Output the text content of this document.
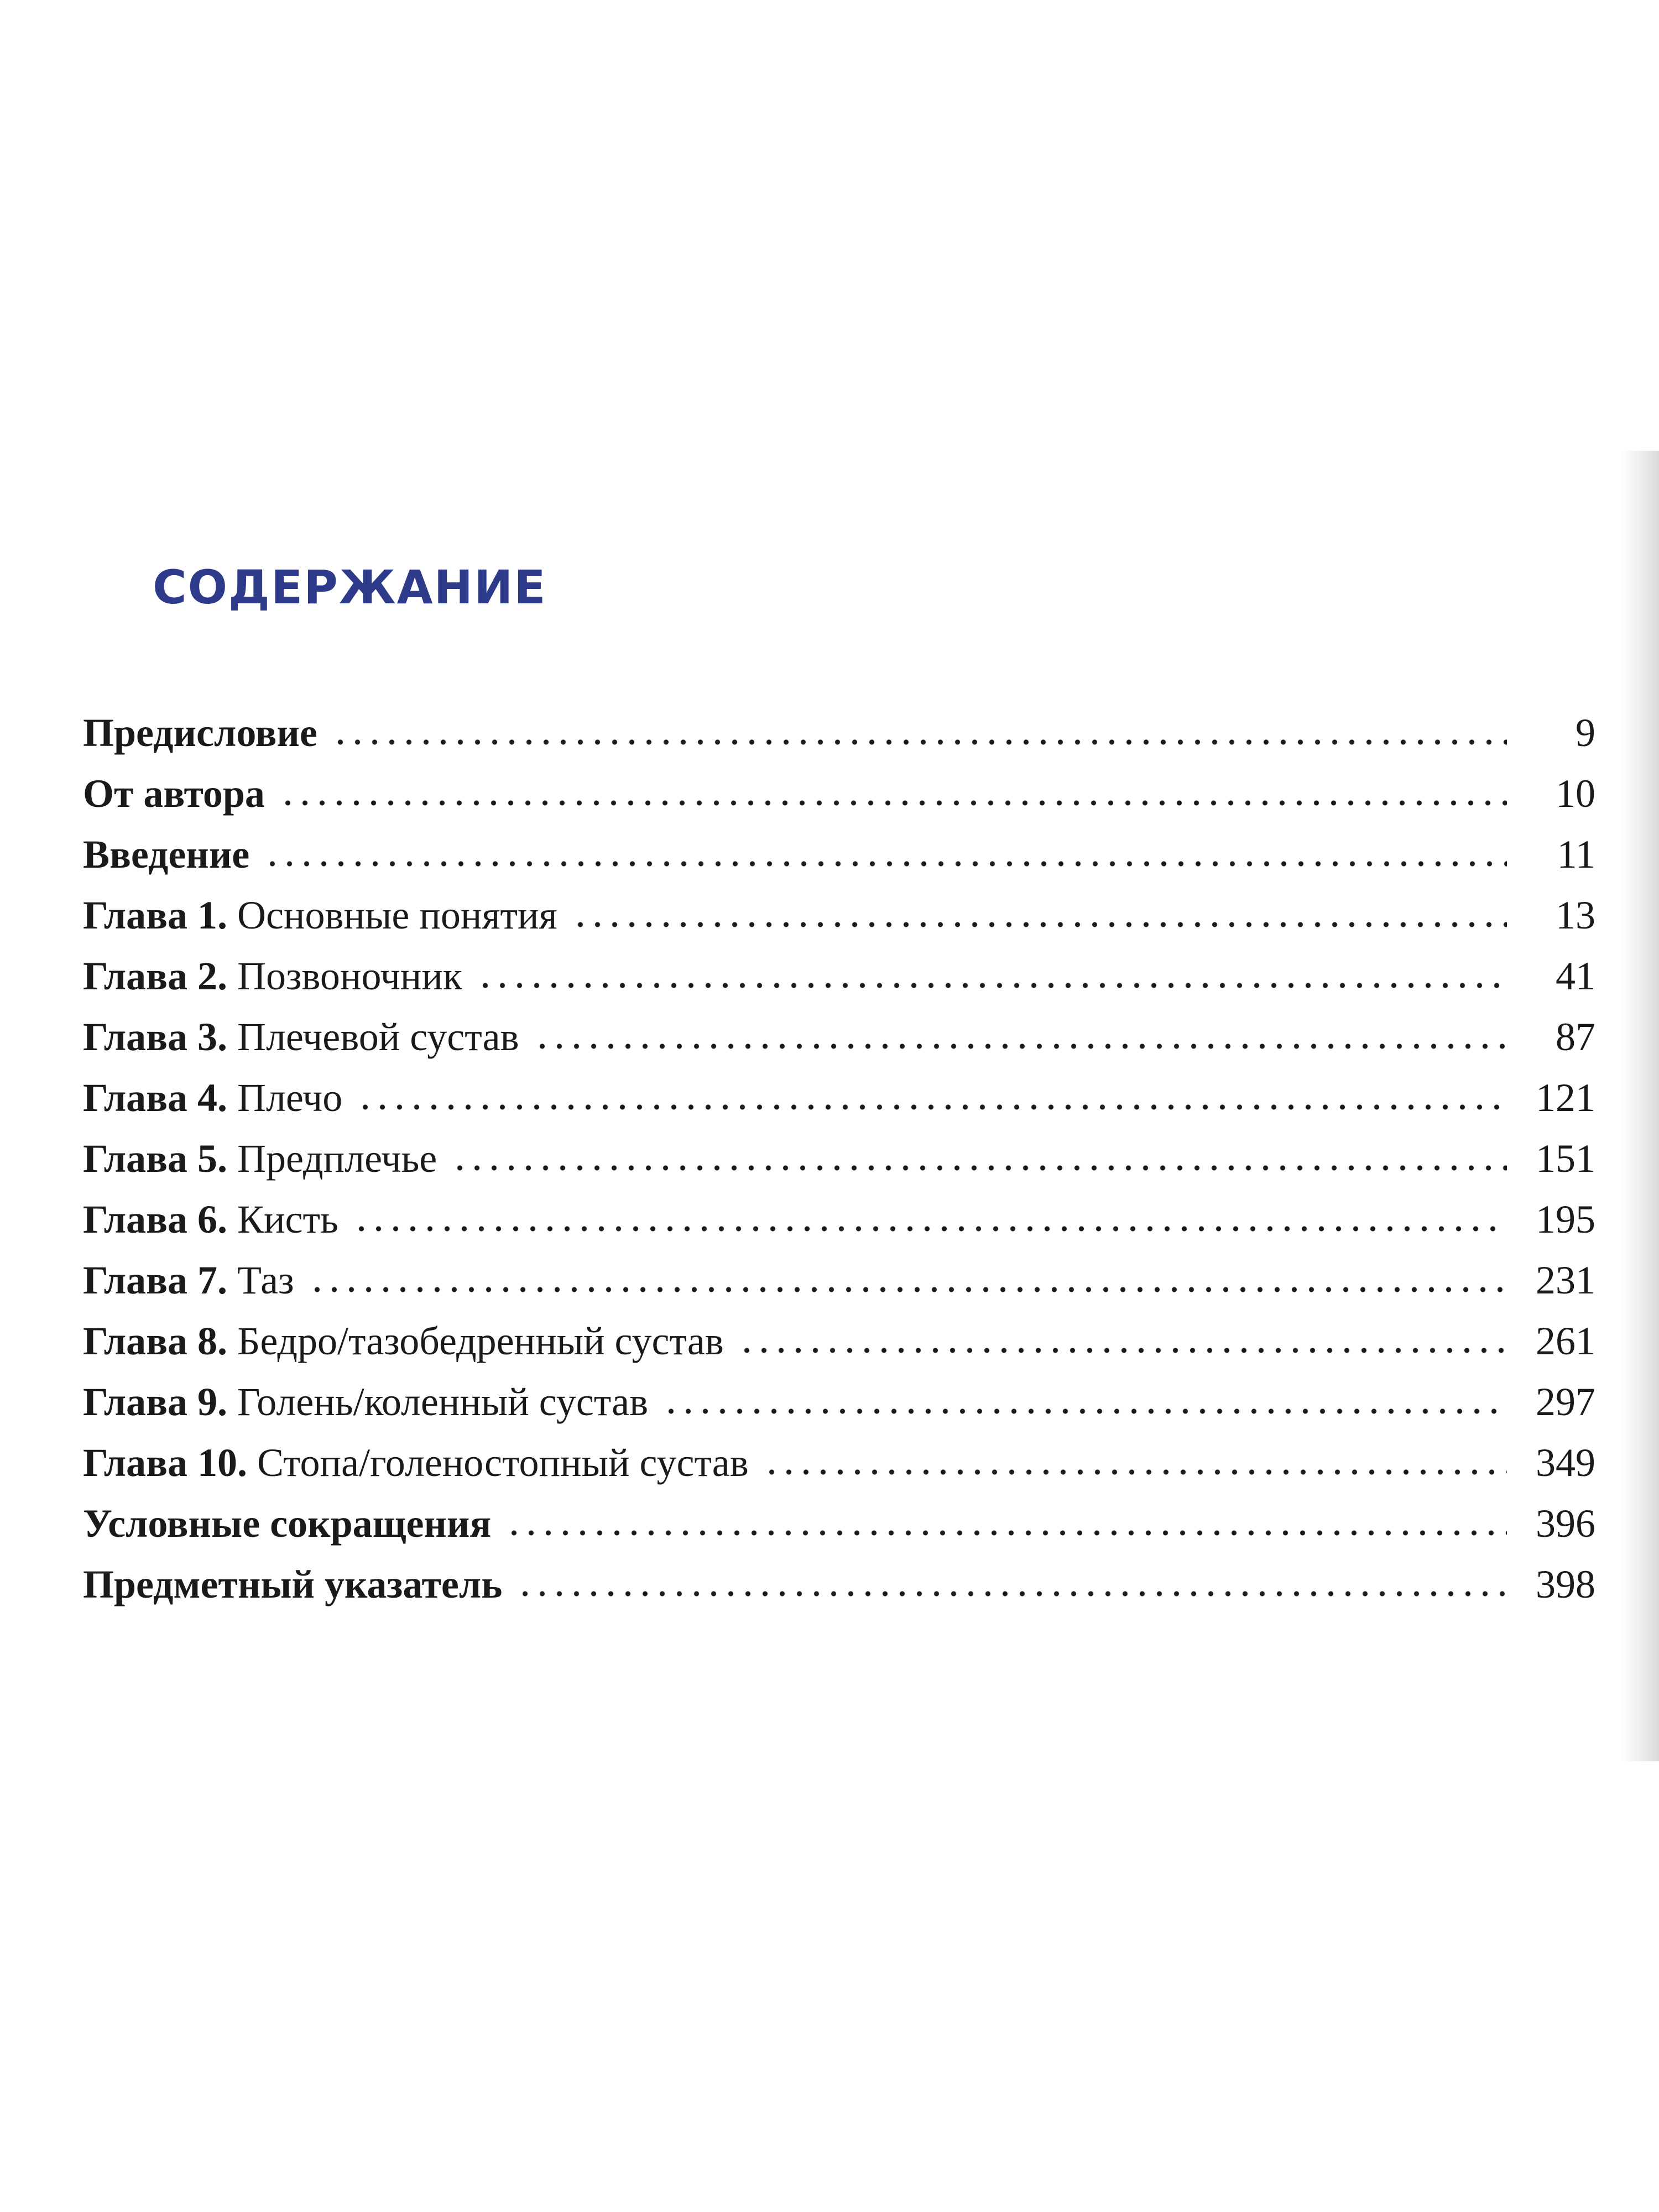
СОДЕРЖАНИЕ
Предисловие	9
От автора	10
Введение	11
Глава 1. Основные понятия	13
Глава 2. Позвоночник	41
Глава 3. Плечевой сустав	87
Глава 4. Плечо	121
Глава 5. Предплечье	151
Глава 6. Кисть	195
Глава 7. Таз	231
Глава 8. Бедро/тазобедренный сустав	261
Глава 9. Голень/коленный сустав	297
Глава 10. Стопа/голеностопный сустав	349
Условные сокращения	396
Предметный указатель	398
